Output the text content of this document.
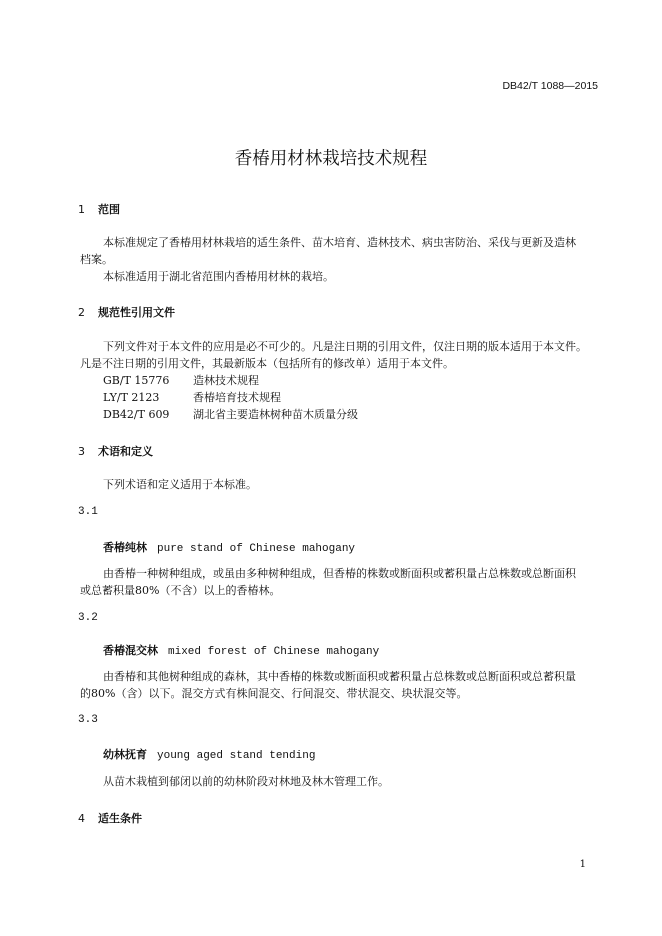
DB42/T 1088—2015
香椿用材林栽培技术规程
1 范围
本标准规定了香椿用材林栽培的适生条件、苗木培育、造林技术、病虫害防治、采伐与更新及造林
档案。
本标准适用于湖北省范围内香椿用材林的栽培。
2 规范性引用文件
下列文件对于本文件的应用是必不可少的。凡是注日期的引用文件，仅注日期的版本适用于本文件。
凡是不注日期的引用文件，其最新版本（包括所有的修改单）适用于本文件。
GB/T 15776 造林技术规程
LY/T 2123	香椿培育技术规程
DB42/T 609 湖北省主要造林树种苗木质量分级
3 术语和定义
下列术语和定义适用于本标准。
3.1
香椿纯林 pure stand of Chinese mahogany
由香椿一种树种组成，或虽由多种树种组成，但香椿的株数或断面积或蓄积量占总株数或总断面积
或总蓄积量80%（不含）以上的香椿林。
3.2
香椿混交林 mixed forest of Chinese mahogany
由香椿和其他树种组成的森林，其中香椿的株数或断面积或蓄积量占总株数或总断面积或总蓄积量
的80%（含）以下。混交方式有株间混交、行间混交、带状混交、块状混交等。
3.3
幼林抚育 young aged stand tending
从苗木栽植到郁闭以前的幼林阶段对林地及林木管理工作。
4 适生条件
1
